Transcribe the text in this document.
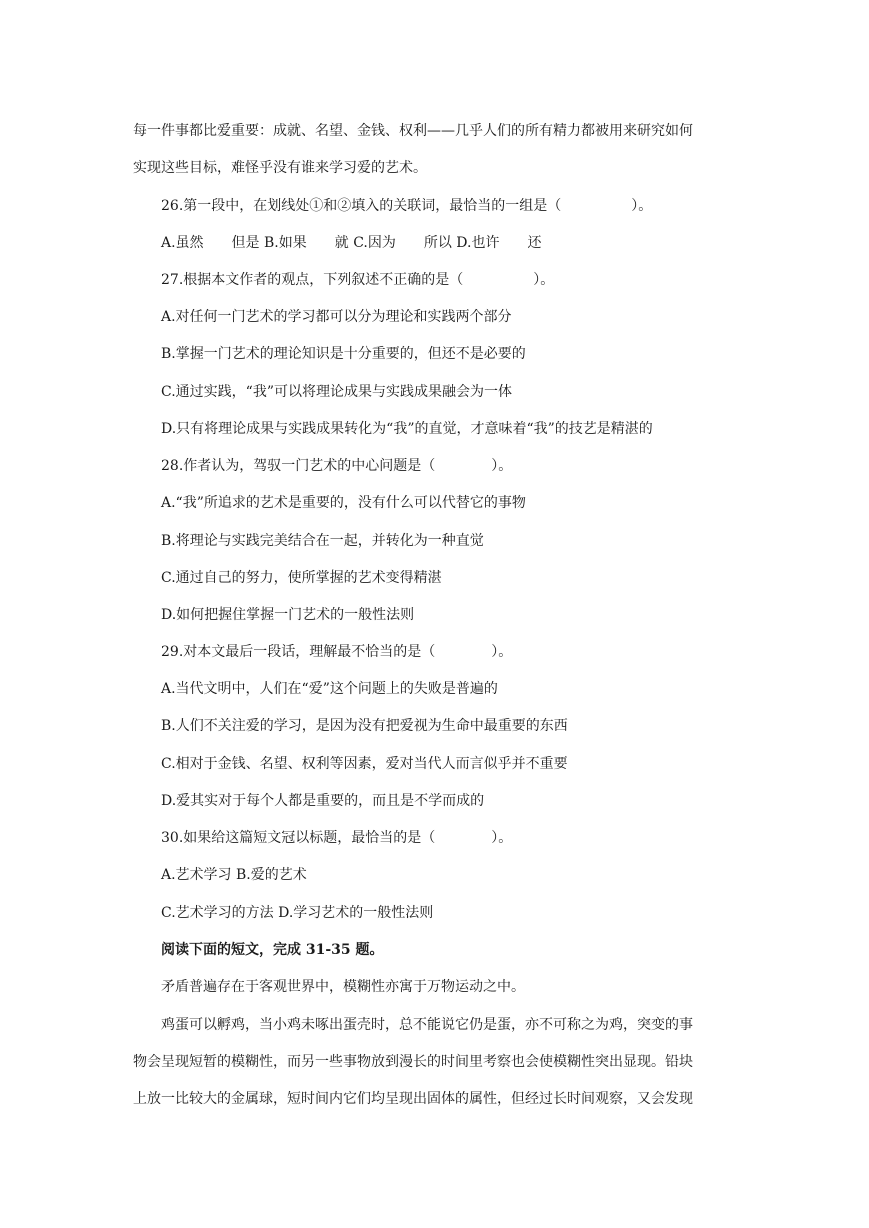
每一件事都比爱重要：成就、名望、金钱、权利——几乎人们的所有精力都被用来研究如何
实现这些目标，难怪乎没有谁来学习爱的艺术。
26.第一段中，在划线处①和②填入的关联词，最恰当的一组是（　　　　　）。
A.虽然　　但是 B.如果　　就 C.因为　　所以 D.也许　　还
27.根据本文作者的观点，下列叙述不正确的是（　　　　　）。
A.对任何一门艺术的学习都可以分为理论和实践两个部分
B.掌握一门艺术的理论知识是十分重要的，但还不是必要的
C.通过实践，“我”可以将理论成果与实践成果融会为一体
D.只有将理论成果与实践成果转化为“我”的直觉，才意味着“我”的技艺是精湛的
28.作者认为，驾驭一门艺术的中心问题是（　　　　）。
A.“我”所追求的艺术是重要的，没有什么可以代替它的事物
B.将理论与实践完美结合在一起，并转化为一种直觉
C.通过自己的努力，使所掌握的艺术变得精湛
D.如何把握住掌握一门艺术的一般性法则
29.对本文最后一段话，理解最不恰当的是（　　　　）。
A.当代文明中，人们在“爱”这个问题上的失败是普遍的
B.人们不关注爱的学习，是因为没有把爱视为生命中最重要的东西
C.相对于金钱、名望、权利等因素，爱对当代人而言似乎并不重要
D.爱其实对于每个人都是重要的，而且是不学而成的
30.如果给这篇短文冠以标题，最恰当的是（　　　　）。
A.艺术学习 B.爱的艺术
C.艺术学习的方法 D.学习艺术的一般性法则
阅读下面的短文，完成 31-35 题。
矛盾普遍存在于客观世界中，模糊性亦寓于万物运动之中。
鸡蛋可以孵鸡，当小鸡未啄出蛋壳时，总不能说它仍是蛋，亦不可称之为鸡，突变的事
物会呈现短暂的模糊性，而另一些事物放到漫长的时间里考察也会使模糊性突出显现。铅块
上放一比较大的金属球，短时间内它们均呈现出固体的属性，但经过长时间观察，又会发现
